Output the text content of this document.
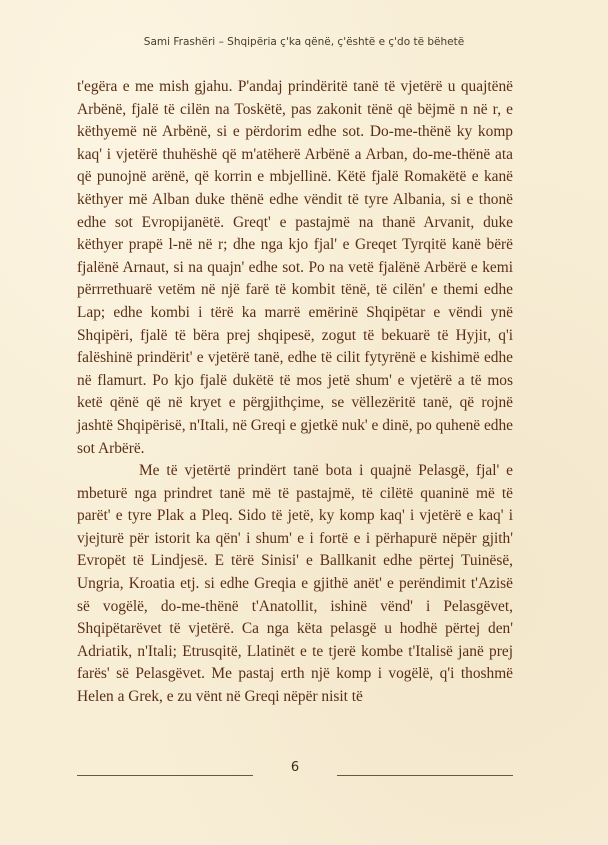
Sami Frashëri – Shqipëria ç'ka qënë, ç'është e ç'do të bëhetë

t'egëra e me mish gjahu. P'andaj prindëritë tanë të vjetërë u quajtënë Arbënë, fjalë të cilën na Toskëtë, pas zakonit tënë që bëjmë n në r, e këthyemë në Arbënë, si e përdorim edhe sot. Do-me-thënë ky komp kaq' i vjetërë thuhëshë që m'atëherë Arbënë a Arban, do-me-thënë ata që punojnë arënë, që korrin e mbjellinë. Këtë fjalë Romakëtë e kanë këthyer më Alban duke thënë edhe vëndit të tyre Albania, si e thonë edhe sot Evropijanëtë. Greqt' e pastajmë na thanë Arvanit, duke këthyer prapë l-në në r; dhe nga kjo fjal' e Greqet Tyrqitë kanë bërë fjalënë Arnaut, si na quajn' edhe sot. Po na vetë fjalënë Arbërë e kemi përrrethuarë vetëm në një farë të kombit tënë, të cilën' e themi edhe Lap; edhe kombi i tërë ka marrë emërinë Shqipëtar e vëndi ynë Shqipëri, fjalë të bëra prej shqipesë, zogut të bekuarë të Hyjit, q'i falëshinë prindërit' e vjetërë tanë, edhe të cilit fytyrënë e kishimë edhe në flamurt. Po kjo fjalë dukëtë të mos jetë shum' e vjetërë a të mos ketë qënë që në kryet e përgjithçime, se vëllezëritë tanë, që rojnë jashtë Shqipërisë, n'Itali, në Greqi e gjetkë nuk' e dinë, po quhenë edhe sot Arbërë.

Me të vjetërtë prindërt tanë bota i quajnë Pelasgë, fjal' e mbeturë nga prindret tanë më të pastajmë, të cilëtë quaninë më të parët' e tyre Plak a Pleq. Sido të jetë, ky komp kaq' i vjetërë e kaq' i vjejturë për istorit ka qën' i shum' e i fortë e i përhapurë nëpër gjith' Evropët të Lindjesë. E tërë Sinisi' e Ballkanit edhe përtej Tuinësë, Ungria, Kroatia etj. si edhe Greqia e gjithë anët' e perëndimit t'Azisë së vogëlë, do-me-thënë t'Anatollit, ishinë vënd' i Pelasgëvet, Shqipëtarëvet të vjetërë. Ca nga këta pelasgë u hodhë përtej den' Adriatik, n'Itali; Etrusqitë, Llatinët e te tjerë kombe t'Italisë janë prej farës' së Pelasgëvet. Me pastaj erth një komp i vogëlë, q'i thoshmë Helen a Grek, e zu vënt në Greqi nëpër nisit të

6
